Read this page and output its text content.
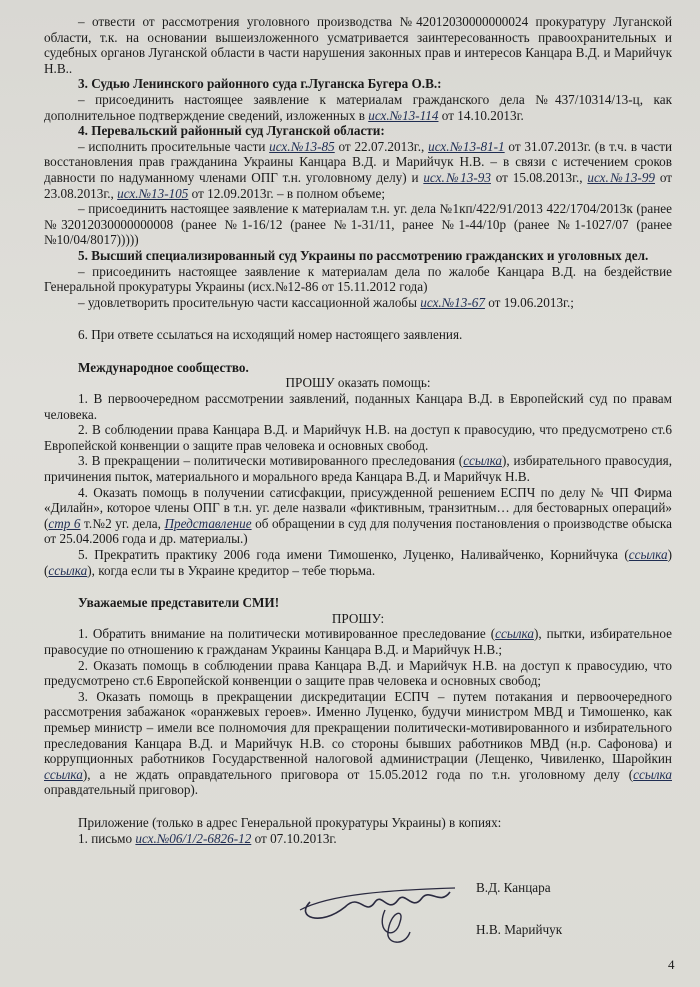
– отвести от рассмотрения уголовного производства №42012030000000024 прокуратуру Луганской области, т.к. на основании вышеизложенного усматривается заинтересованность правоохранительных и судебных органов Луганской области в части нарушения законных прав и интересов Канцара В.Д. и Марийчук Н.В..

3. Судью Ленинского районного суда г.Луганска Бугера О.В.:

– присоединить настоящее заявление к материалам гражданского дела №437/10314/13-ц, как дополнительное подтверждение сведений, изложенных в исх.№13-114 от 14.10.2013г.

4. Перевальский районный суд Луганской области:

– исполнить просительные части исх.№13-85 от 22.07.2013г., исх.№13-81-1 от 31.07.2013г. (в т.ч. в части восстановления прав гражданина Украины Канцара В.Д. и Марийчук Н.В. – в связи с истечением сроков давности по надуманному членами ОПГ т.н. уголовному делу) и исх.№13-93 от 15.08.2013г., исх.№13-99 от 23.08.2013г., исх.№13-105 от 12.09.2013г. – в полном объеме;

– присоединить настоящее заявление к материалам т.н. уг. дела №1кп/422/91/2013 422/1704/2013к (ранее №32012030000000008 (ранее №1-16/12 (ранее №1-31/11, ранее №1-44/10р (ранее №1-1027/07 (ранее №10/04/8017)))))

5. Высший специализированный суд Украины по рассмотрению гражданских и уголовных дел.

– присоединить настоящее заявление к материалам дела по жалобе Канцара В.Д. на бездействие Генеральной прокуратуры Украины (исх.№12-86 от 15.11.2012 года)

– удовлетворить просительную части кассационной жалобы исх.№13-67 от 19.06.2013г.;

6. При ответе ссылаться на исходящий номер настоящего заявления.

Международное сообщество.

ПРОШУ оказать помощь:

1. В первоочередном рассмотрении заявлений, поданных Канцара В.Д. в Европейский суд по правам человека.

2. В соблюдении права Канцара В.Д. и Марийчук Н.В. на доступ к правосудию, что предусмотрено ст.6 Европейской конвенции о защите прав человека и основных свобод.

3. В прекращении – политически мотивированного преследования (ссылка), избирательного правосудия, причинения пыток, материального и морального вреда Канцара В.Д. и Марийчук Н.В.

4. Оказать помощь в получении сатисфакции, присужденной решением ЕСПЧ по делу № ЧП Фирма «Дилайн», которое члены ОПГ в т.н. уг. деле назвали «фиктивным, транзитным… для бестоварных операций» (стр 6 т.№2 уг. дела, Представление об обращении в суд для получения постановления о производстве обыска от 25.04.2006 года и др. материалы.)

5. Прекратить практику 2006 года имени Тимошенко, Луценко, Наливайченко, Корнийчука (ссылка) (ссылка), когда если ты в Украине кредитор – тебе тюрьма.

Уважаемые представители СМИ!

ПРОШУ:

1. Обратить внимание на политически мотивированное преследование (ссылка), пытки, избирательное правосудие по отношению к гражданам Украины Канцара В.Д. и Марийчук Н.В.;

2. Оказать помощь в соблюдении права Канцара В.Д. и Марийчук Н.В. на доступ к правосудию, что предусмотрено ст.6 Европейской конвенции о защите прав человека и основных свобод;

3. Оказать помощь в прекращении дискредитации ЕСПЧ – путем потакания и первоочередного рассмотрения забажанок «оранжевых героев». Именно Луценко, будучи министром МВД и Тимошенко, как премьер министр – имели все полномочия для прекращении политически-мотивированного и избирательного преследования Канцара В.Д. и Марийчук Н.В. со стороны бывших работников МВД (н.р. Сафонова) и коррупционных работников Государственной налоговой администрации (Лещенко, Чивиленко, Шаройкин ссылка), а не ждать оправдательного приговора от 15.05.2012 года по т.н. уголовному делу (ссылка оправдательный приговор).

Приложение (только в адрес Генеральной прокуратуры Украины) в копиях:

1. письмо исх.№06/1/2-6826-12 от 07.10.2013г.

В.Д. Канцара
Н.В. Марийчук
4
